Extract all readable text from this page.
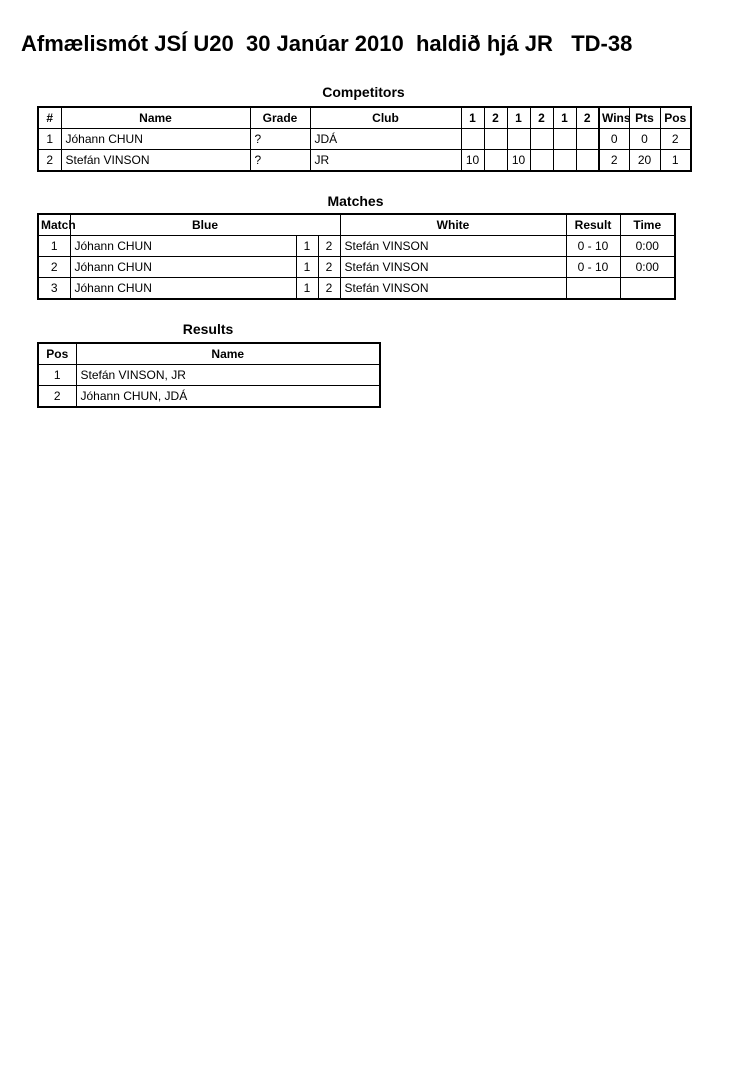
Afmælismót JSÍ U20  30 Janúar 2010  haldið hjá JR   TD-38
Competitors
#	Name	Grade	Club	1	2	1	2	1	2	Wins	Pts	Pos
1	Jóhann CHUN	?	JDÁ							0	0	2
2	Stefán VINSON	?	JR	10		10				2	20	1
Matches
Match	Blue			White	Result	Time
1	Jóhann CHUN	1	2	Stefán VINSON	0 - 10	0:00
2	Jóhann CHUN	1	2	Stefán VINSON	0 - 10	0:00
3	Jóhann CHUN	1	2	Stefán VINSON		
Results
Pos	Name
1	Stefán VINSON, JR
2	Jóhann CHUN, JDÁ
